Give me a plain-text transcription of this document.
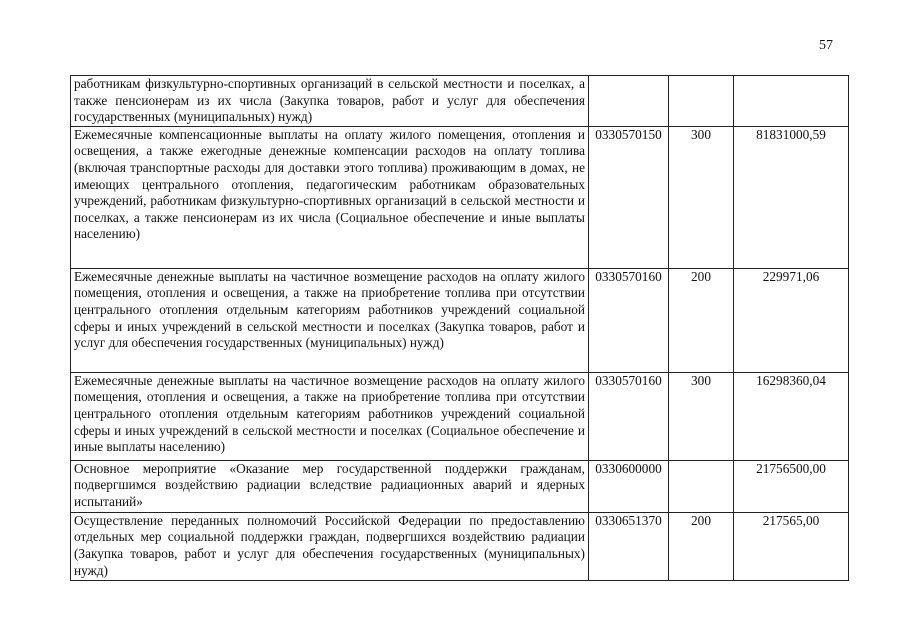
57
работникам физкультурно-спортивных организаций в сельской местности и поселках, а также пенсионерам из их числа (Закупка товаров, работ и услуг для обеспечения государственных (муниципальных) нужд)			
Ежемесячные компенсационные выплаты на оплату жилого помещения, отопления и освещения, а также ежегодные денежные компенсации расходов на оплату топлива (включая транспортные расходы для доставки этого топлива) проживающим в домах, не имеющих центрального отопления, педагогическим работникам образовательных учреждений, работникам физкультурно-спортивных организаций в сельской местности и поселках, а также пенсионерам из их числа (Социальное обеспечение и иные выплаты населению)	0330570150	300	81831000,59
Ежемесячные денежные выплаты на частичное возмещение расходов на оплату жилого помещения, отопления и освещения, а также на приобретение топлива при отсутствии центрального отопления отдельным категориям работников учреждений социальной сферы и иных учреждений в сельской местности и поселках (Закупка товаров, работ и услуг для обеспечения государственных (муниципальных) нужд)	0330570160	200	229971,06
Ежемесячные денежные выплаты на частичное возмещение расходов на оплату жилого помещения, отопления и освещения, а также на приобретение топлива при отсутствии центрального отопления отдельным категориям работников учреждений социальной сферы и иных учреждений в сельской местности и поселках (Социальное обеспечение и иные выплаты населению)	0330570160	300	16298360,04
Основное мероприятие «Оказание мер государственной поддержки гражданам, подвергшимся воздействию радиации вследствие радиационных аварий и ядерных испытаний»	0330600000		21756500,00
Осуществление переданных полномочий Российской Федерации по предоставлению отдельных мер социальной поддержки граждан, подвергшихся воздействию радиации (Закупка товаров, работ и услуг для обеспечения государственных (муниципальных) нужд)	0330651370	200	217565,00
